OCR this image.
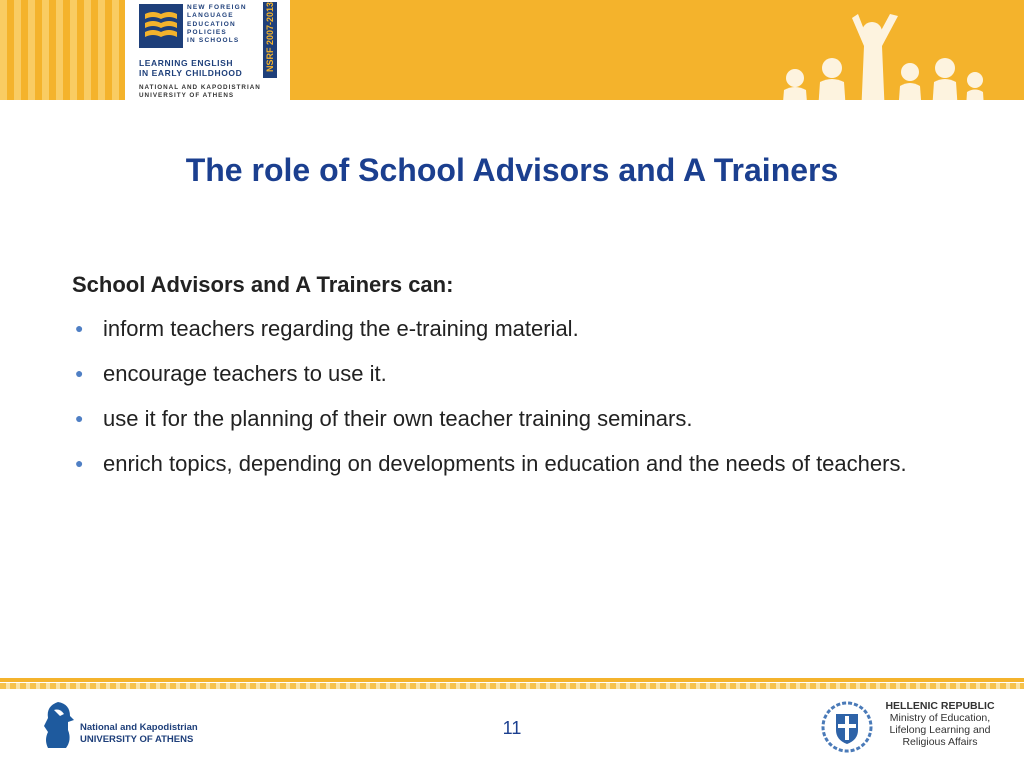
NEW FOREIGN
LANGUAGE
EDUCATION
POLICIES
IN SCHOOLS	NSRF 2007-2013
LEARNING ENGLISH
IN EARLY CHILDHOOD
NATIONAL AND KAPODISTRIAN
UNIVERSITY OF ATHENS
The role of School Advisors and A Trainers

School Advisors and A Trainers can:

● inform teachers regarding the e-training material.
● encourage teachers to use it.
● use it for the planning of their own teacher training seminars.
● enrich topics, depending on developments in education and the needs of teachers.
National and Kapodistrian
UNIVERSITY OF ATHENS
11
HELLENIC REPUBLIC
Ministry of Education,
Lifelong Learning and
Religious Affairs
